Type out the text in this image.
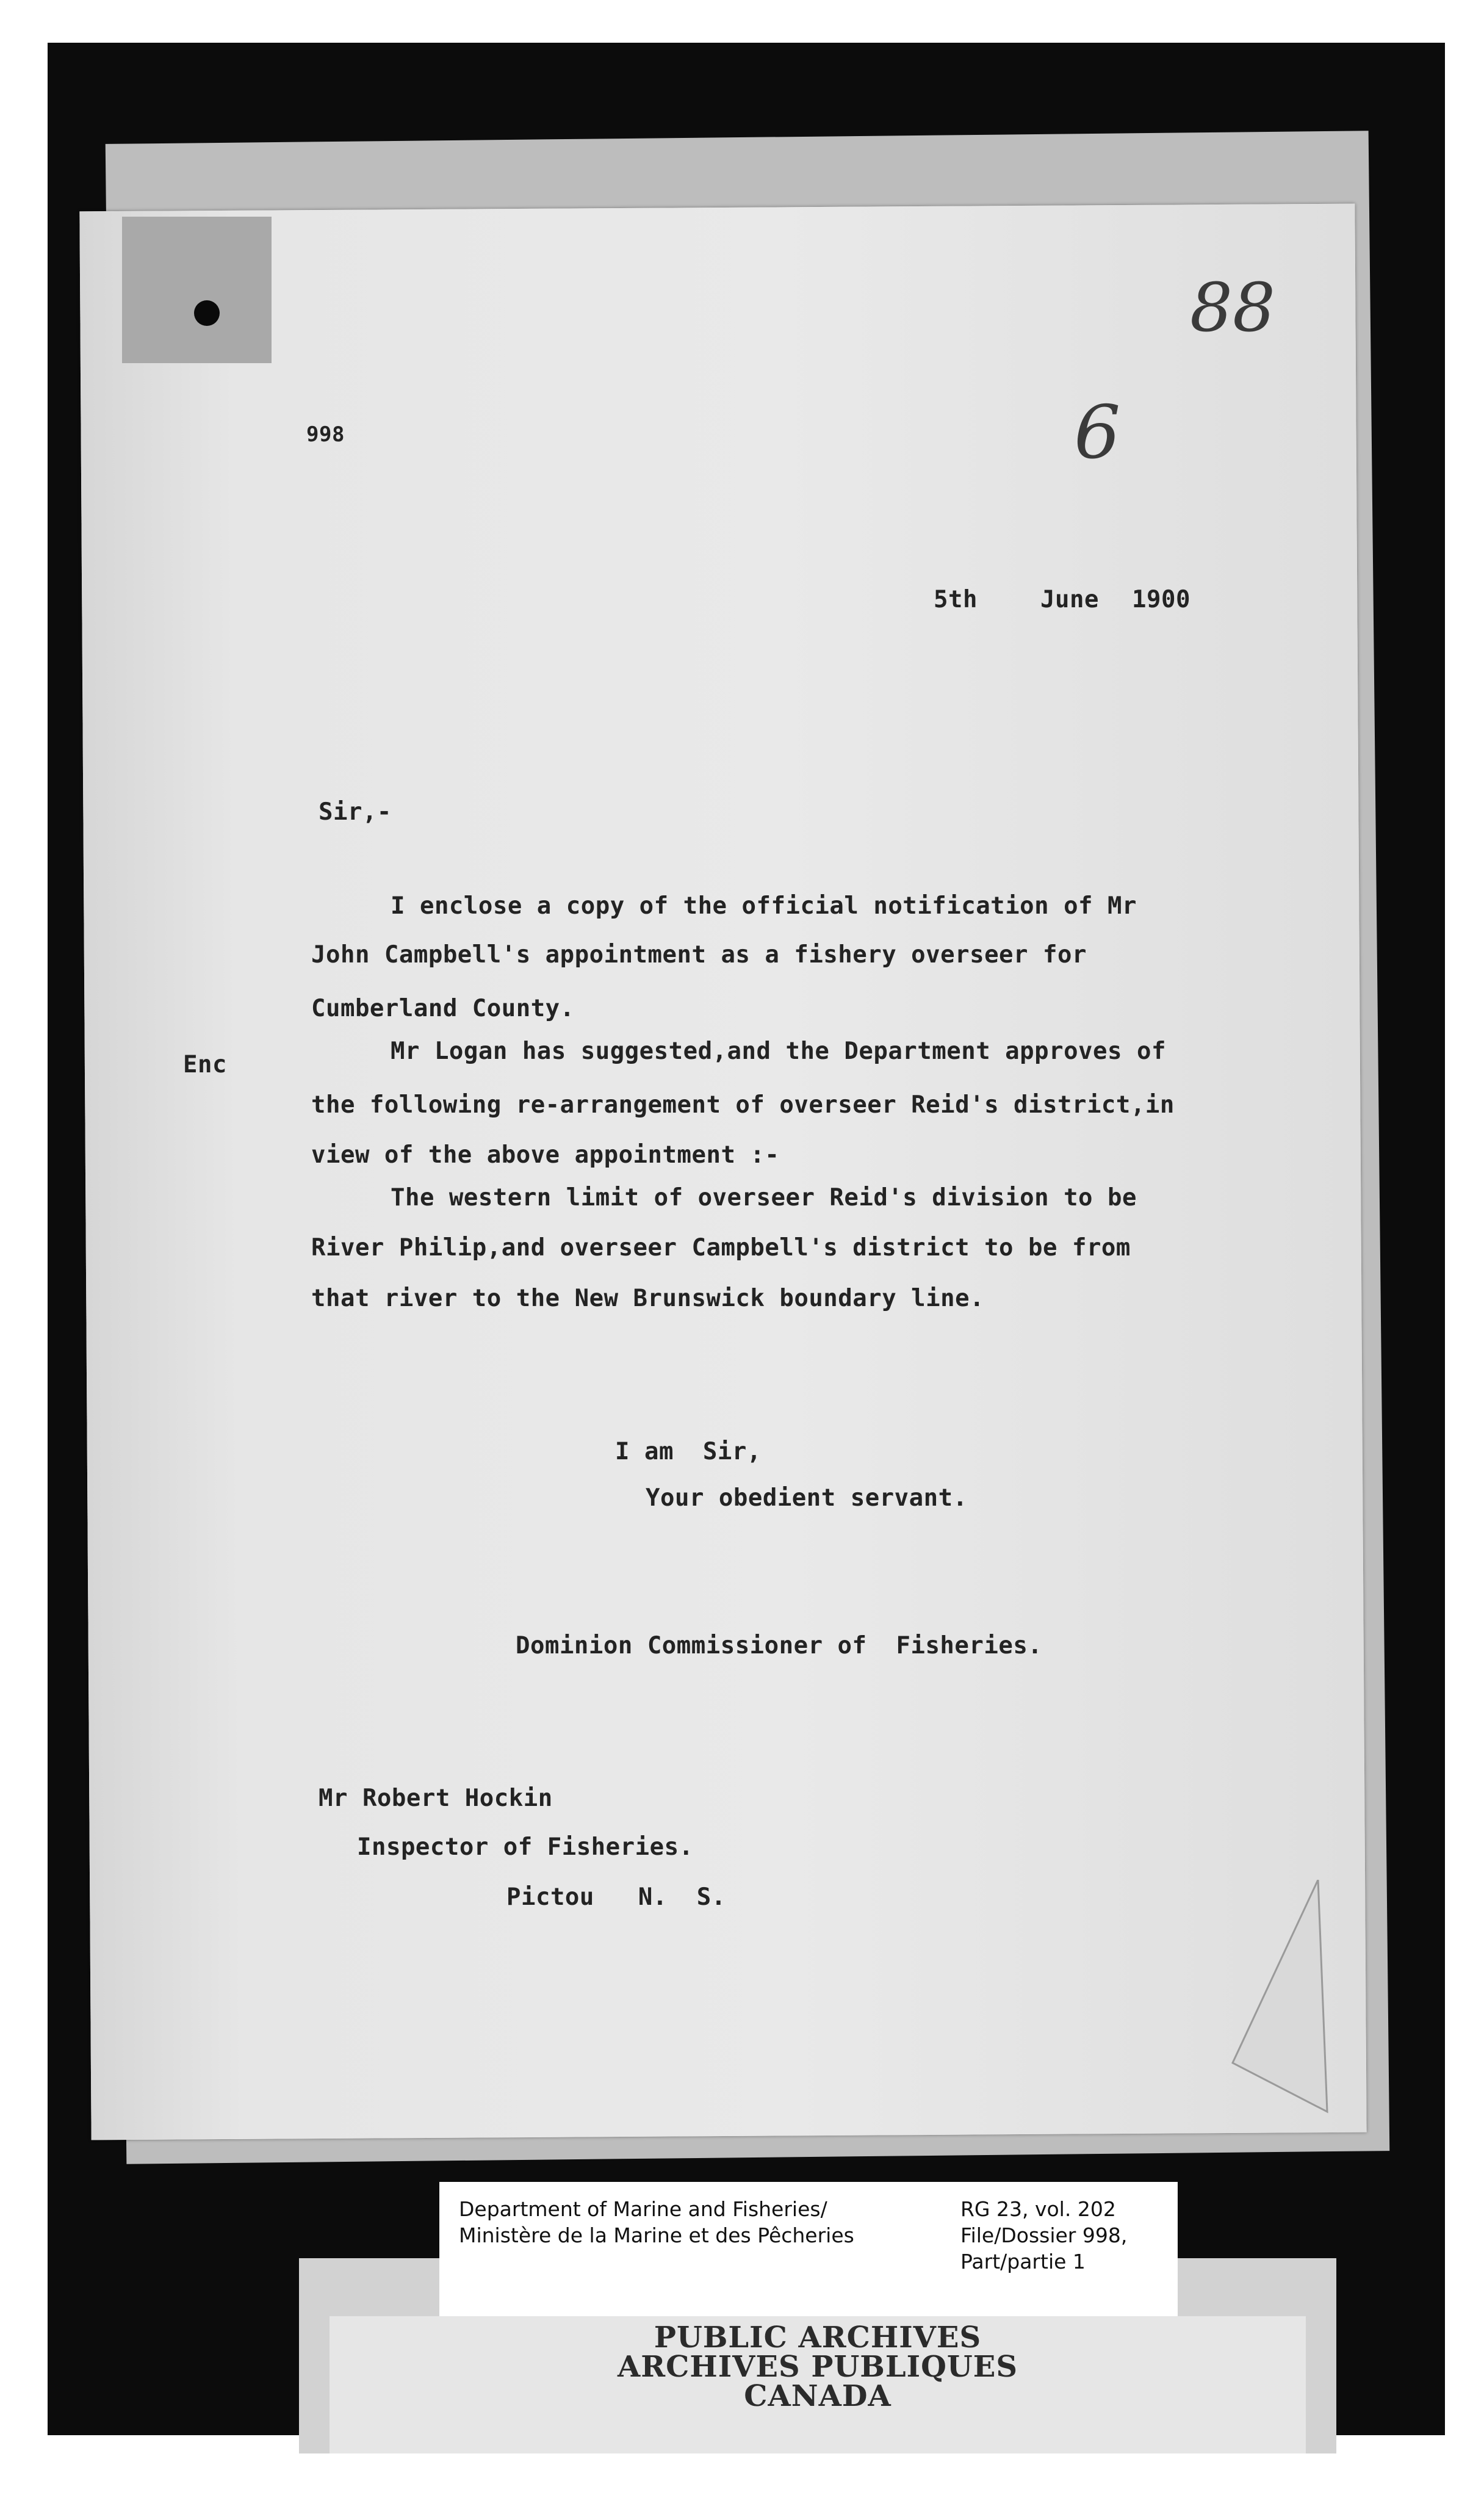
88
6
998
5th	June 1900
Sir,-
Enc
I enclose a copy of the official notification of Mr
John Campbell's appointment as a fishery overseer for
Cumberland County.
Mr Logan has suggested,and the Department approves of
the following re-arrangement of overseer Reid's district,in
view of the above appointment :-
The western limit of overseer Reid's division to be
River Philip,and overseer Campbell's district to be from
that river to the New Brunswick boundary line.
I am  Sir,
Your obedient servant.
Dominion Commissioner of  Fisheries.
Mr Robert Hockin
Inspector of Fisheries.
Pictou   N.  S.
Department of Marine and Fisheries/
Ministère de la Marine et des Pêcheries
RG 23, vol. 202
File/Dossier 998,
Part/partie 1
PUBLIC ARCHIVES
ARCHIVES PUBLIQUES
CANADA
